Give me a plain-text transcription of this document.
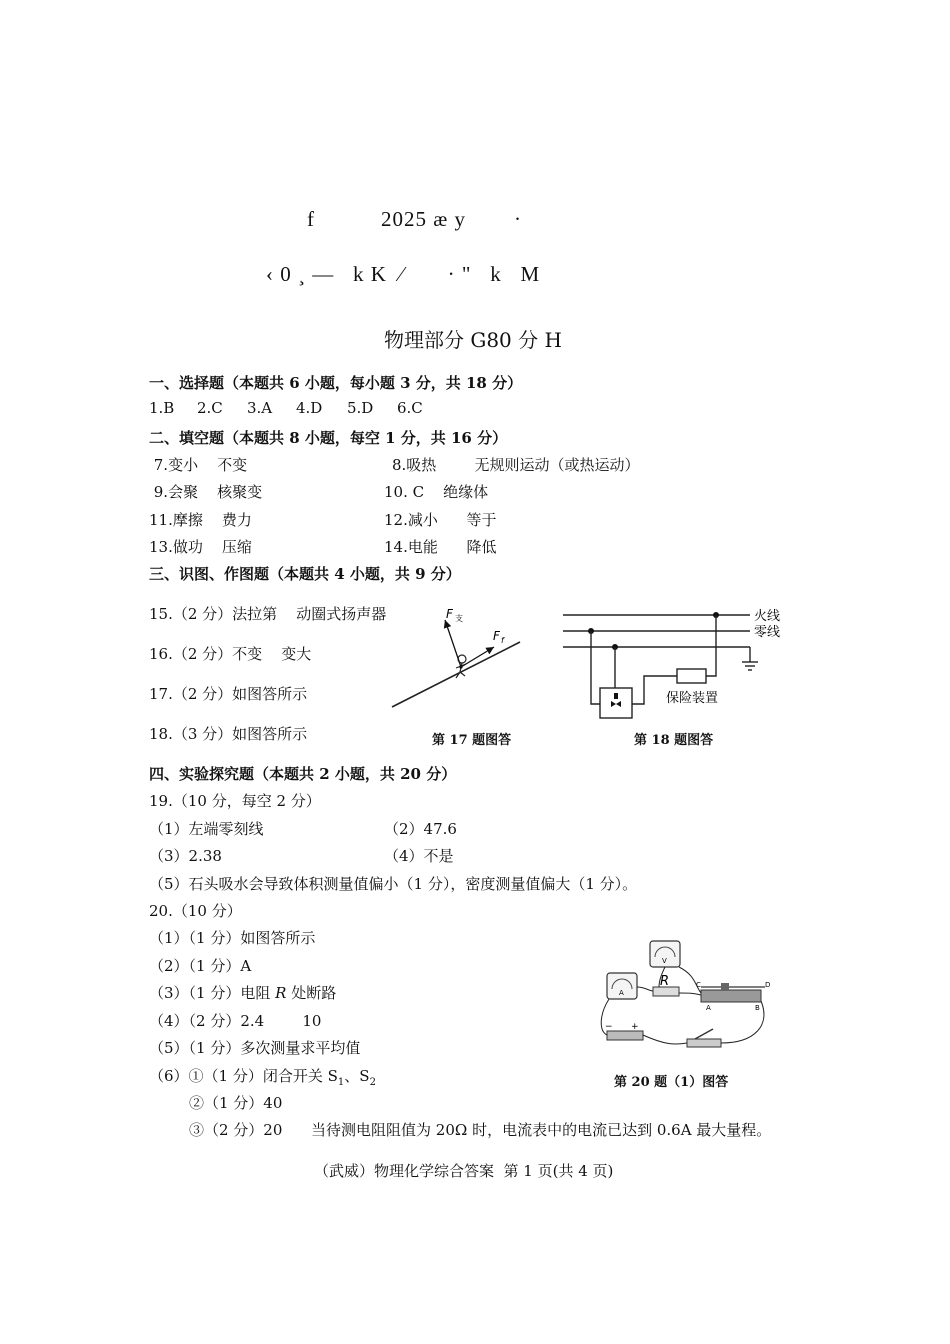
f	2025 æ y ·
‹ 0 ¸ —   k K  ⁄       · "   k   M
物理部分 G80 分 H
一、选择题（本题共 6 小题，每小题 3 分，共 18 分）
1.B 2.C 3.A 4.D 5.D 6.C
二、填空题（本题共 8 小题，每空 1 分，共 16 分）
7.变小    不变	8.吸热        无规则运动（或热运动）
9.会聚    核聚变	10. C    绝缘体
11.摩擦    费力	12.减小      等于
13.做功    压缩	14.电能      降低
三、识图、作图题（本题共 4 小题，共 9 分）
15.（2 分）法拉第    动圈式扬声器
16.（2 分）不变    变大
17.（2 分）如图答所示
18.（3 分）如图答所示
F 支
F f
第 17 题图答
火线
零线
保险装置
第 18 题图答
四、实验探究题（本题共 2 小题，共 20 分）
19.（10 分，每空 2 分）
（1）左端零刻线	（2）47.6
（3）2.38	（4）不是
（5）石头吸水会导致体积测量值偏小（1 分），密度测量值偏大（1 分）。
20.（10 分）
（1）（1 分）如图答所示
（2）（1 分）A
（3）（1 分）电阻 R 处断路
（4）（2 分）2.4        10
（5）（1 分）多次测量求平均值
（6）①（1 分）闭合开关 $S_1$、$S_2$
②（1 分）40
③（2 分）20      当待测电阻阻值为 20Ω 时，电流表中的电流已达到 0.6A 最大量程。
V
A
R	C	D
A	B
− +
第 20 题（1）图答
（武威）物理化学综合答案  第 1 页(共 4 页)
